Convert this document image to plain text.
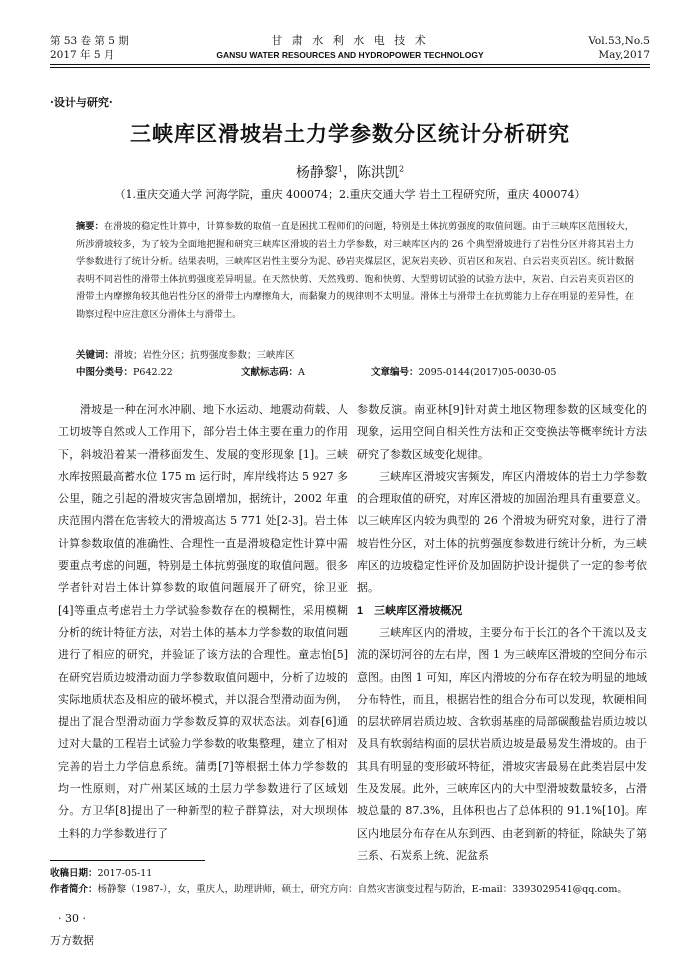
第 53 卷 第 5 期
2017 年 5 月
甘 肃 水 利 水 电 技 术
GANSU WATER RESOURCES AND HYDROPOWER TECHNOLOGY
Vol.53,No.5
May,2017
·设计与研究·
三峡库区滑坡岩土力学参数分区统计分析研究
杨静黎$^1$，陈洪凯$^2$
（1.重庆交通大学 河海学院，重庆 400074；2.重庆交通大学 岩土工程研究所，重庆 400074）
摘要：在滑坡的稳定性计算中，计算参数的取值一直是困扰工程师们的问题，特别是土体抗剪强度的取值问题。由于三峡库区范围较大，所涉滑坡较多，为了较为全面地把握和研究三峡库区滑坡的岩土力学参数，对三峡库区内的 26 个典型滑坡进行了岩性分区并将其岩土力学参数进行了统计分析。结果表明，三峡库区岩性主要分为泥、砂岩夹煤层区，泥灰岩夹砂、页岩区和灰岩、白云岩夹页岩区。统计数据表明不同岩性的滑带土体抗剪强度差异明显。在天然快剪、天然残剪、饱和快剪、大型剪切试验的试验方法中，灰岩、白云岩夹页岩区的滑带土内摩擦角较其他岩性分区的滑带土内摩擦角大，而黏聚力的规律则不太明显。滑体土与滑带土在抗剪能力上存在明显的差异性，在勘察过程中应注意区分滑体土与滑带土。
关键词：滑坡；岩性分区；抗剪强度参数；三峡库区
中图分类号：P642.22	文献标志码：A	文章编号：2095-0144(2017)05-0030-05

滑坡是一种在河水冲刷、地下水运动、地震动荷载、人工切坡等自然或人工作用下，部分岩土体主要在重力的作用下，斜坡沿着某一滑移面发生、发展的变形现象 [1]。三峡水库按照最高蓄水位 175 m 运行时，库岸线将达 5 927 多公里，随之引起的滑坡灾害急剧增加，据统计，2002 年重庆范围内潜在危害较大的滑坡高达 5 771 处[2-3]。岩土体计算参数取值的准确性、合理性一直是滑坡稳定性计算中需要重点考虑的问题，特别是土体抗剪强度的取值问题。很多学者针对岩土体计算参数的取值问题展开了研究，徐卫亚[4]等重点考虑岩土力学试验参数存在的模糊性，采用模糊分析的统计特征方法，对岩土体的基本力学参数的取值问题进行了相应的研究，并验证了该方法的合理性。童志怡[5]在研究岩质边坡滑动面力学参数取值问题中，分析了边坡的实际地质状态及相应的破坏模式，并以混合型滑动面为例，提出了混合型滑动面力学参数反算的双状态法。刘春[6]通过对大量的工程岩土试验力学参数的收集整理，建立了相对完善的岩土力学信息系统。蒲勇[7]等根据土体力学参数的均一性原则，对广州某区域的土层力学参数进行了区域划分。方卫华[8]提出了一种新型的粒子群算法，对大坝坝体土料的力学参数进行了

参数反演。南亚林[9]针对黄土地区物理参数的区域变化的现象，运用空间自相关性方法和正交变换法等概率统计方法研究了参数区域变化规律。

三峡库区滑坡灾害频发，库区内滑坡体的岩土力学参数的合理取值的研究，对库区滑坡的加固治理具有重要意义。以三峡库区内较为典型的 26 个滑坡为研究对象，进行了滑坡岩性分区，对土体的抗剪强度参数进行统计分析，为三峡库区的边坡稳定性评价及加固防护设计提供了一定的参考依据。

1　三峡库区滑坡概况

三峡库区内的滑坡，主要分布于长江的各个干流以及支流的深切河谷的左右岸，图 1 为三峡库区滑坡的空间分布示意图。由图 1 可知，库区内滑坡的分布存在较为明显的地域分布特性，而且，根据岩性的组合分布可以发现，软硬相间的层状碎屑岩质边坡、含软弱基座的局部碳酸盐岩质边坡以及具有软弱结构面的层状岩质边坡是最易发生滑坡的。由于其具有明显的变形破坏特征，滑坡灾害最易在此类岩层中发生及发展。此外，三峡库区内的大中型滑坡数量较多，占滑坡总量的 87.3%，且体积也占了总体积的 91.1%[10]。库区内地层分布存在从东到西、由老到新的特征，除缺失了第三系、石炭系上统、泥盆系

收稿日期：2017-05-11
作者简介：杨静黎（1987-），女，重庆人，助理讲师，硕士，研究方向：自然灾害演变过程与防治，E-mail：3393029541@qq.com。
· 30 ·
万方数据
